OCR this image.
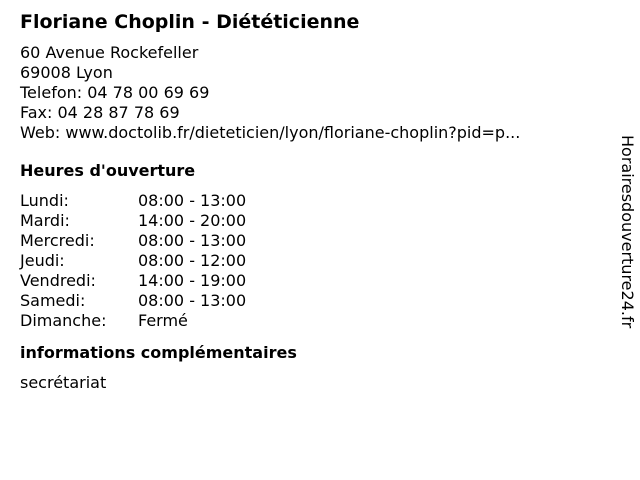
Floriane Choplin - Diététicienne
60 Avenue Rockefeller
69008 Lyon
Telefon: 04 78 00 69 69
Fax: 04 28 87 78 69
Web: www.doctolib.fr/dieteticien/lyon/floriane-choplin?pid=p...
Heures d'ouverture
Lundi:	08:00 - 13:00
Mardi:	14:00 - 20:00
Mercredi:	08:00 - 13:00
Jeudi:	08:00 - 12:00
Vendredi:	14:00 - 19:00
Samedi:	08:00 - 13:00
Dimanche:	Fermé
informations complémentaires
secrétariat
Horairesdouverture24.fr
